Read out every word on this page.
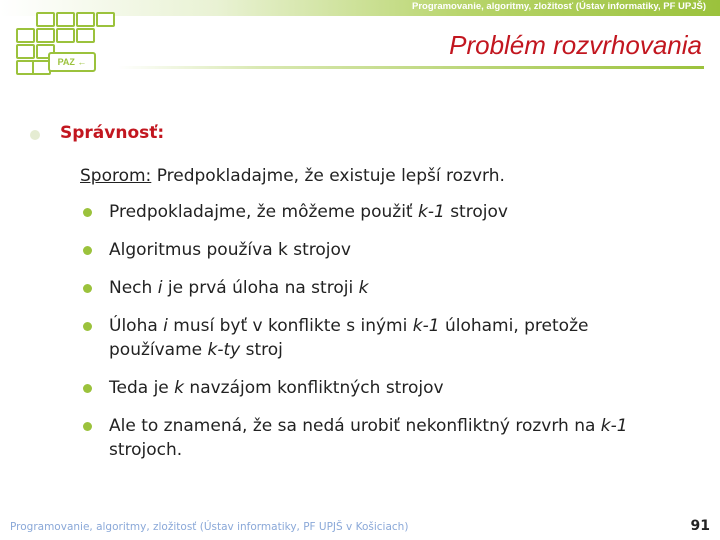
Programovanie, algoritmy, zložitosť (Ústav informatiky, PF UPJŠ)
PAZ ←
Problém rozvrhovania
Správnosť:
Sporom: Predpokladajme, že existuje lepší rozvrh.
Predpokladajme, že môžeme použiť k-1 strojov
Algoritmus používa k strojov
Nech i je prvá úloha na stroji k
Úloha i musí byť v konflikte s inými k-1 úlohami, pretože používame k-ty stroj
Teda je k navzájom konfliktných strojov
Ale to znamená, že sa nedá urobiť nekonfliktný rozvrh na k-1 strojoch.
Programovanie, algoritmy, zložitosť (Ústav informatiky, PF UPJŠ v Košiciach)	91
